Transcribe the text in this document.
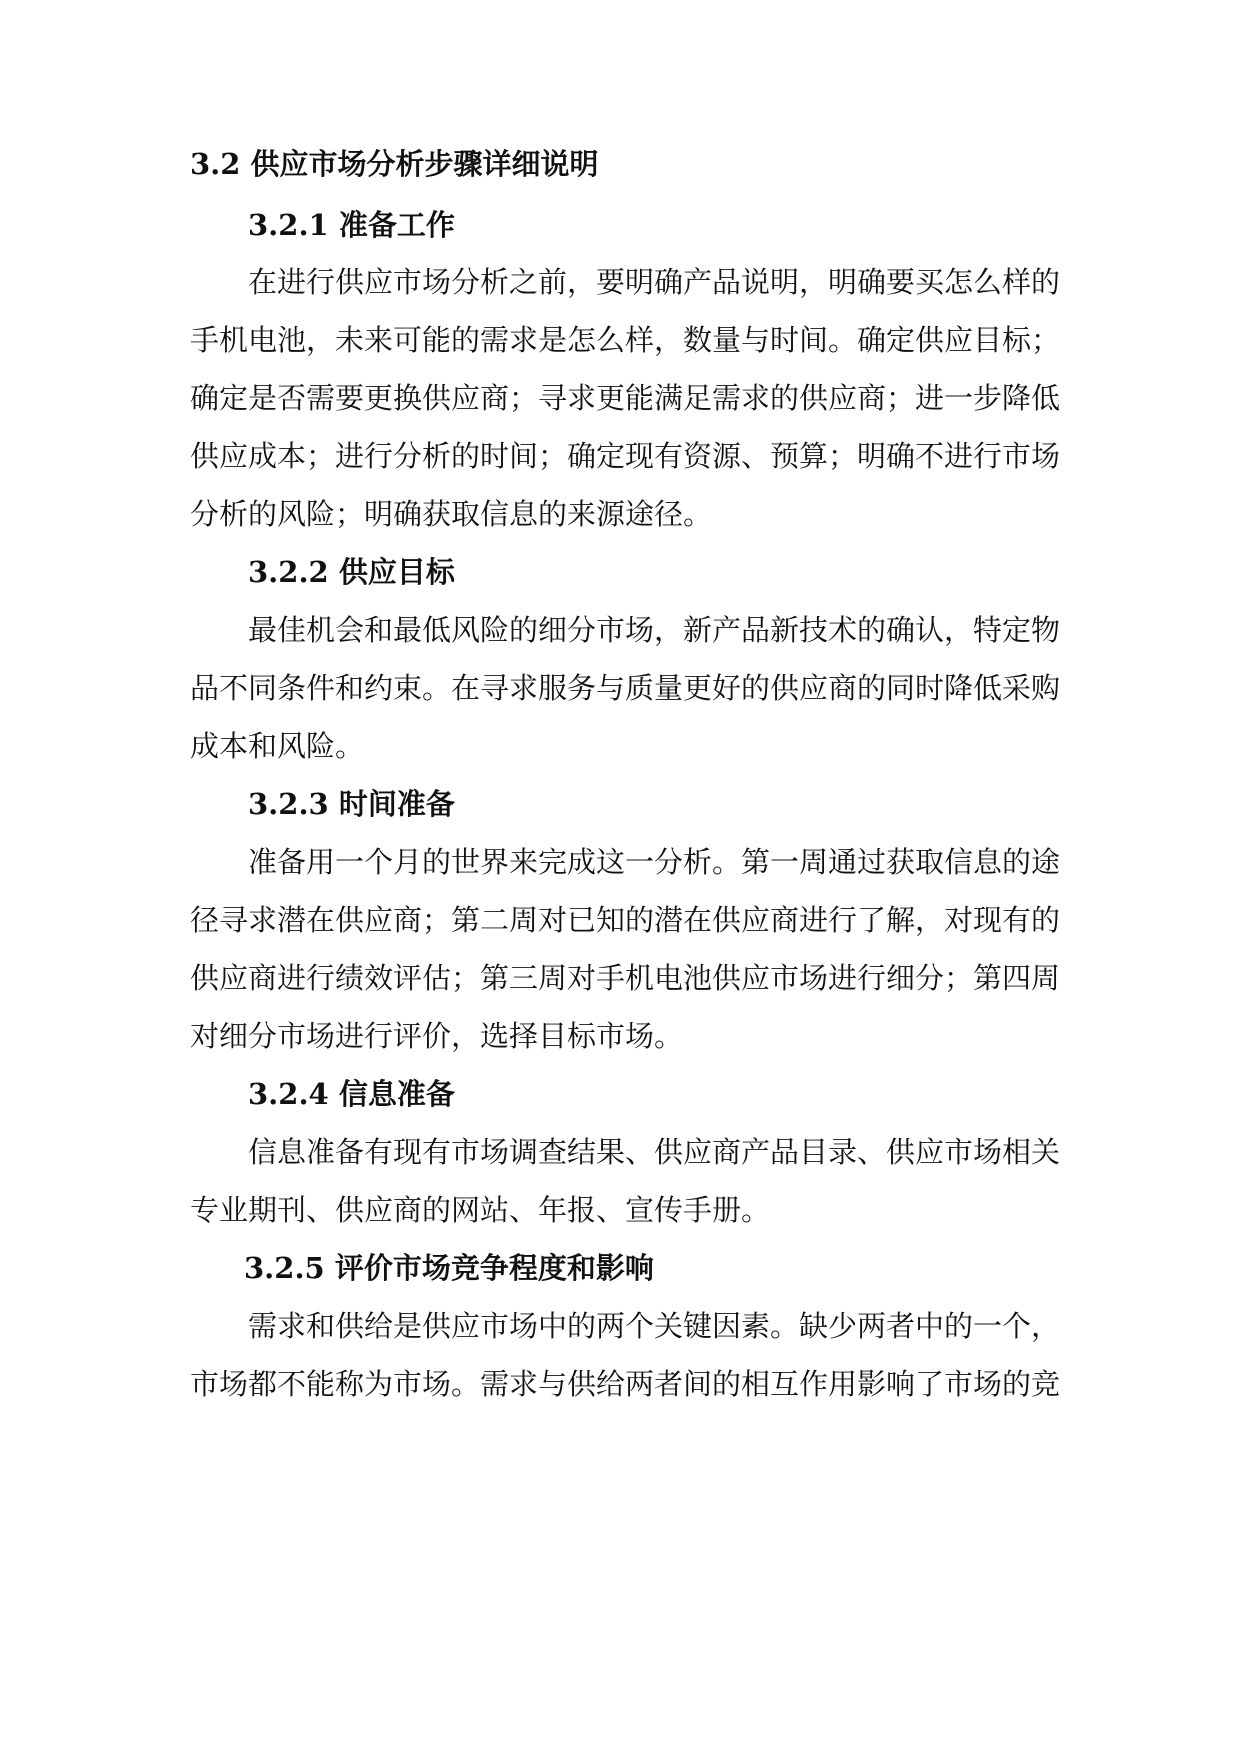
3.2 供应市场分析步骤详细说明
3.2.1 准备工作
在进行供应市场分析之前，要明确产品说明，明确要买怎么样的
手机电池，未来可能的需求是怎么样，数量与时间。确定供应目标；
确定是否需要更换供应商；寻求更能满足需求的供应商；进一步降低
供应成本；进行分析的时间；确定现有资源、预算；明确不进行市场
分析的风险；明确获取信息的来源途径。
3.2.2 供应目标
最佳机会和最低风险的细分市场，新产品新技术的确认，特定物
品不同条件和约束。在寻求服务与质量更好的供应商的同时降低采购
成本和风险。
3.2.3 时间准备
准备用一个月的世界来完成这一分析。第一周通过获取信息的途
径寻求潜在供应商；第二周对已知的潜在供应商进行了解，对现有的
供应商进行绩效评估；第三周对手机电池供应市场进行细分；第四周
对细分市场进行评价，选择目标市场。
3.2.4 信息准备
信息准备有现有市场调查结果、供应商产品目录、供应市场相关
专业期刊、供应商的网站、年报、宣传手册。
3.2.5 评价市场竞争程度和影响
需求和供给是供应市场中的两个关键因素。缺少两者中的一个，
市场都不能称为市场。需求与供给两者间的相互作用影响了市场的竞
